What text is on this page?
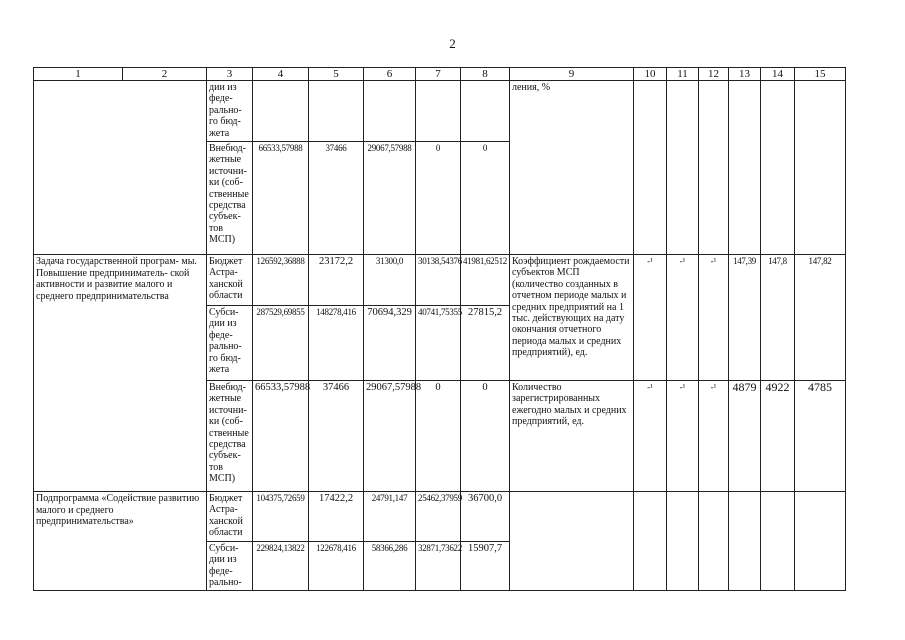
2
1	2	3	4	5	6	7	8	9	10	11	12	13	14	15
		дии из феде- рально- го бюд- жета						ления, %						
		Внебюд- жетные источни- ки (соб- ственные средства субъек- тов МСП)	66533,57988	37466	29067,57988	0	0							
Задача государственной програм- мы. Повышение предприниматель- ской активности и развитие малого и среднего предпринимательства		Бюджет Астра- ханской области	126592,36888	23172,2	31300,0	30138,54376	41981,62512	Коэффициент рождаемости субъектов МСП (количество созданных в отчетном периоде малых и средних предприятий на 1 тыс. действующих на дату окончания отчетного периода малых и средних предприятий), ед.	-¹	-¹	-¹	147,39	147,8	147,82
		Субси- дии из феде- рально- го бюд- жета	287529,69855	148278,416	70694,329	40741,75355	27815,2							
		Внебюд- жетные источни- ки (соб- ственные средства субъек- тов МСП)	66533,57988	37466	29067,57988	0	0	Количество зарегистрированных ежегодно малых и средних предприятий, ед.	-¹	-¹	-¹	4879	4922	4785
Подпрограмма «Содействие развитию малого и среднего предпринимательства»		Бюджет Астра- ханской области	104375,72659	17422,2	24791,147	25462,37959	36700,0							
		Субси- дии из феде- рально-	229824,13822	122678,416	58366,286	32871,73622	15907,7							
